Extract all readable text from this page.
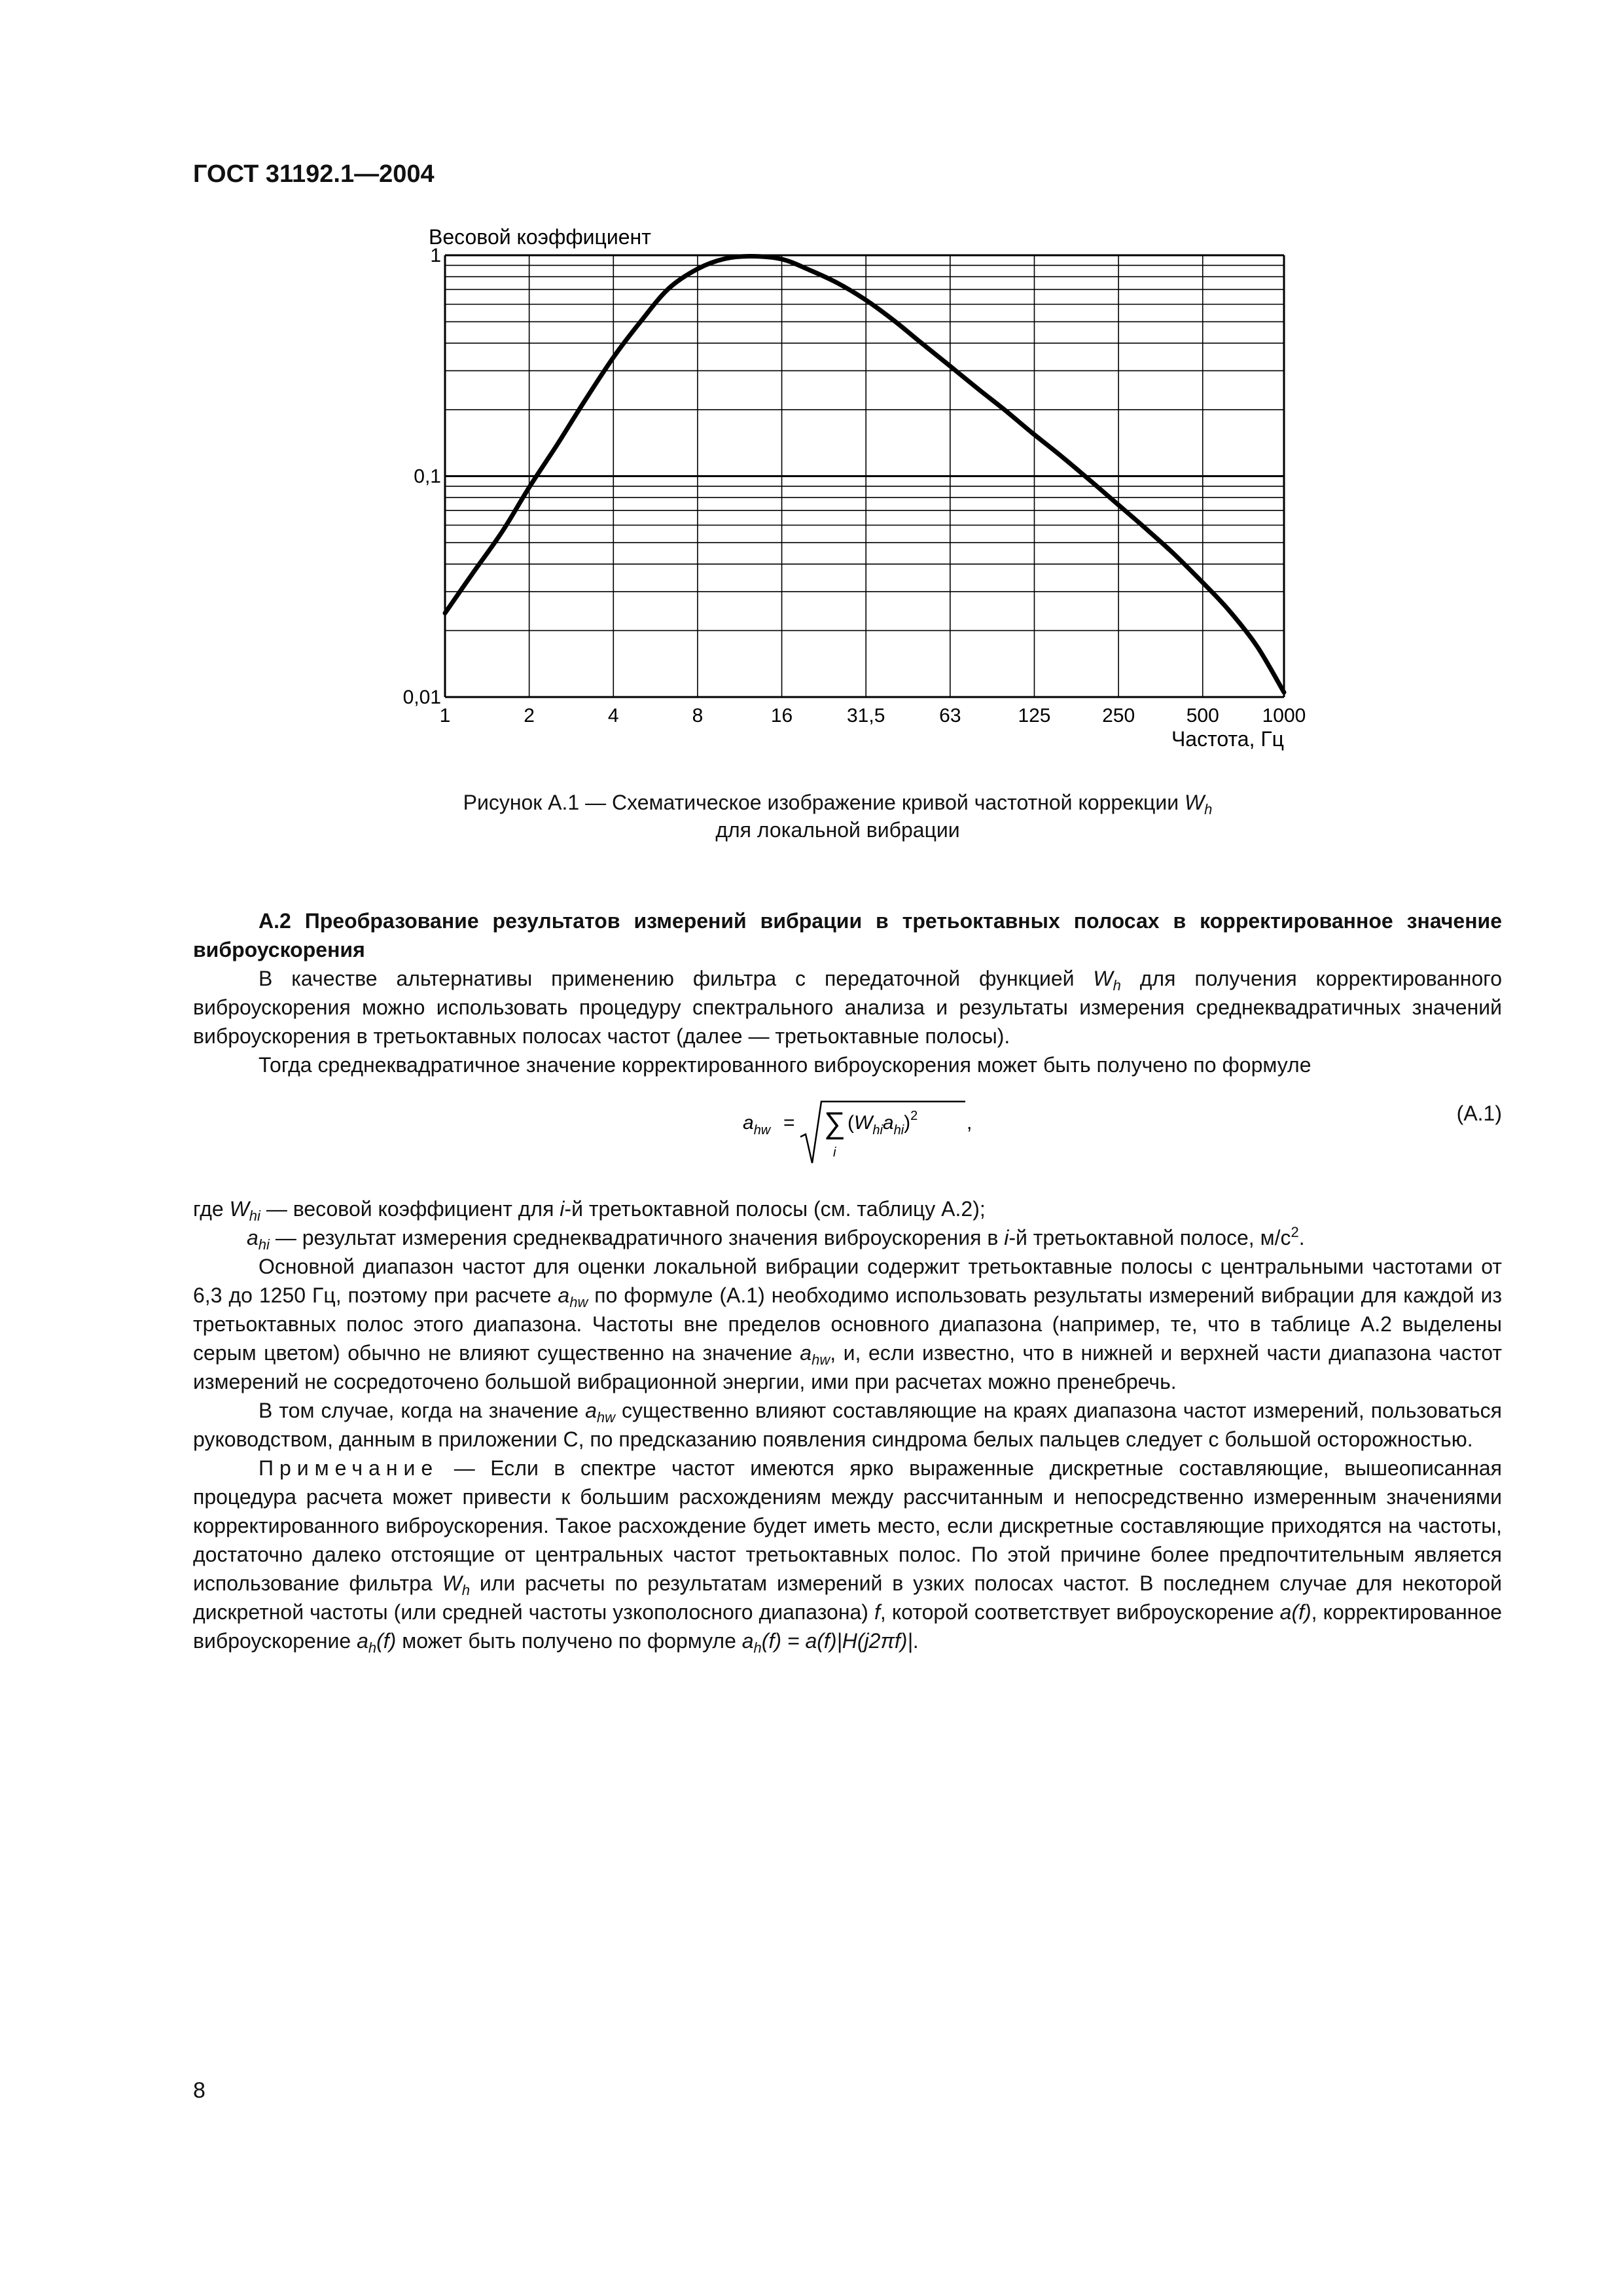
ГОСТ 31192.1—2004
Весовой коэффициент
1	2	4	8	16	31,5	63	125	250	500 1000
0,01
0,1
1
Частота, Гц
Рисунок А.1 — Схематическое изображение кривой частотной коррекции $W_h$
для локальной вибрации

А.2 Преобразование результатов измерений вибрации в третьоктавных полосах в корректированное значение виброускорения

В качестве альтернативы применению фильтра с передаточной функцией $W_h$ для получения корректированного виброускорения можно использовать процедуру спектрального анализа и результаты измерения среднеквадратичных значений виброускорения в третьоктавных полосах частот (далее — третьоктавные полосы).

Тогда среднеквадратичное значение корректированного виброускорения может быть получено по формуле

$a_{hw}$ = ∑
i
$(W_{hi}a_{hi})^2$ ,	(А.1)

где $W_{hi}$ — весовой коэффициент для i-й третьоктавной полосы (см. таблицу А.2);

$a_{hi}$ — результат измерения среднеквадратичного значения виброускорения в i-й третьоктавной полосе, $м/с^2$.

Основной диапазон частот для оценки локальной вибрации содержит третьоктавные полосы с центральными частотами от 6,3 до 1250 Гц, поэтому при расчете $a_{hw}$ по формуле (А.1) необходимо использовать результаты измерений вибрации для каждой из третьоктавных полос этого диапазона. Частоты вне пределов основного диапазона (например, те, что в таблице А.2 выделены серым цветом) обычно не влияют существенно на значение $a_{hw}$, и, если известно, что в нижней и верхней части диапазона частот измерений не сосредоточено большой вибрационной энергии, ими при расчетах можно пренебречь.

В том случае, когда на значение $a_{hw}$ существенно влияют составляющие на краях диапазона частот измерений, пользоваться руководством, данным в приложении С, по предсказанию появления синдрома белых пальцев следует с большой осторожностью.

Примечание — Если в спектре частот имеются ярко выраженные дискретные составляющие, вышеописанная процедура расчета может привести к большим расхождениям между рассчитанным и непосредственно измеренным значениями корректированного виброускорения. Такое расхождение будет иметь место, если дискретные составляющие приходятся на частоты, достаточно далеко отстоящие от центральных частот третьоктавных полос. По этой причине более предпочтительным является использование фильтра $W_h$ или расчеты по результатам измерений в узких полосах частот. В последнем случае для некоторой дискретной частоты (или средней частоты узкополосного диапазона) f, которой соответствует виброускорение a(f), корректированное виброускорение $a_h(f)$ может быть получено по формуле $a_h(f) = a(f)|H(j2\pi f)|$.

8
